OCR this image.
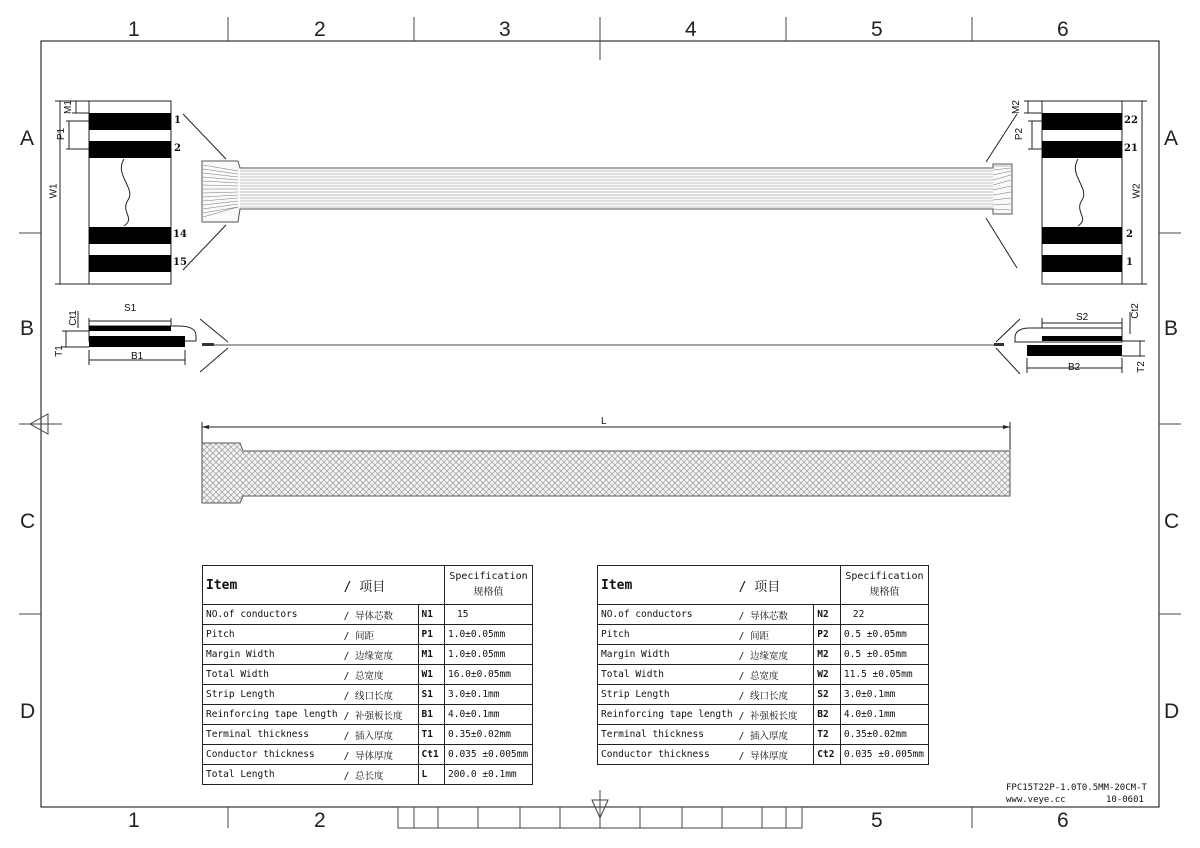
1	2	3	4	5	6
1	2	5	6
A
B
C
D
A
B
C
D
M1
P1
W1
M2
P2
W2
S1
Ct1
T1	B1
S2	Ct2
T2
B2
L
1
2
14
15
22
21
2
1
Item	/ 项目		Specification
规格值

NO.of conductors	/ 导体芯数	N1	15
Pitch	/ 间距	P1	1.0±0.05mm
Margin Width	/ 边缘宽度	M1	1.0±0.05mm
Total Width	/ 总宽度	W1	16.0±0.05mm
Strip Length	/ 线口长度	S1	3.0±0.1mm
Reinforcing tape length	/ 补强板长度	B1	4.0±0.1mm
Terminal thickness	/ 插入厚度	T1	0.35±0.02mm
Conductor thickness	/ 导体厚度	Ct1	0.035 ±0.005mm
Total Length	/ 总长度	L	200.0 ±0.1mm
Item	/ 项目		Specification
规格值

NO.of conductors	/ 导体芯数	N2	22
Pitch	/ 间距	P2	0.5 ±0.05mm
Margin Width	/ 边缘宽度	M2	0.5 ±0.05mm
Total Width	/ 总宽度	W2	11.5 ±0.05mm
Strip Length	/ 线口长度	S2	3.0±0.1mm
Reinforcing tape length	/ 补强板长度	B2	4.0±0.1mm
Terminal thickness	/ 插入厚度	T2	0.35±0.02mm
Conductor thickness	/ 导体厚度	Ct2	0.035 ±0.005mm
FPC15T22P-1.0T0.5MM-20CM-T
www.veye.cc	10-0601
